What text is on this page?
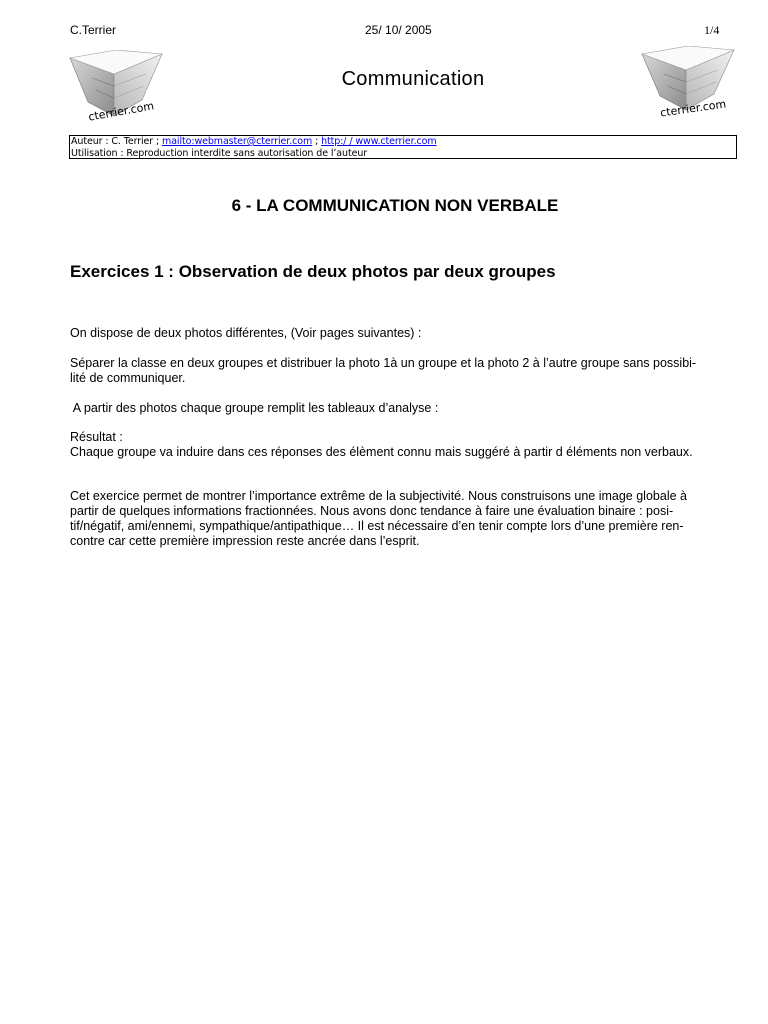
C.Terrier	25/ 10/ 2005	1/4
cterrier.com
Communication
cterrier.com
Auteur : C. Terrier ; mailto:webmaster@cterrier.com ; http:/ / www.cterrier.com
Utilisation : Reproduction interdite sans autorisation de l’auteur
6 - LA COMMUNICATION NON VERBALE
Exercices 1 : Observation de deux photos par deux groupes
On dispose de deux photos différentes, (Voir pages suivantes) :
Séparer la classe en deux groupes et distribuer la photo 1à un groupe et la photo 2 à l’autre groupe sans possibi-
lité de communiquer.
A partir des photos chaque groupe remplit les tableaux d’analyse :
Résultat :
Chaque groupe va induire dans ces réponses des élèment connu mais suggéré à partir d éléments non verbaux.
Cet exercice permet de montrer l’importance extrême de la subjectivité. Nous construisons une image globale à
partir de quelques informations fractionnées. Nous avons donc tendance à faire une évaluation binaire : posi-
tif/négatif, ami/ennemi, sympathique/antipathique… Il est nécessaire d’en tenir compte lors d’une première ren-
contre car cette première impression reste ancrée dans l’esprit.
